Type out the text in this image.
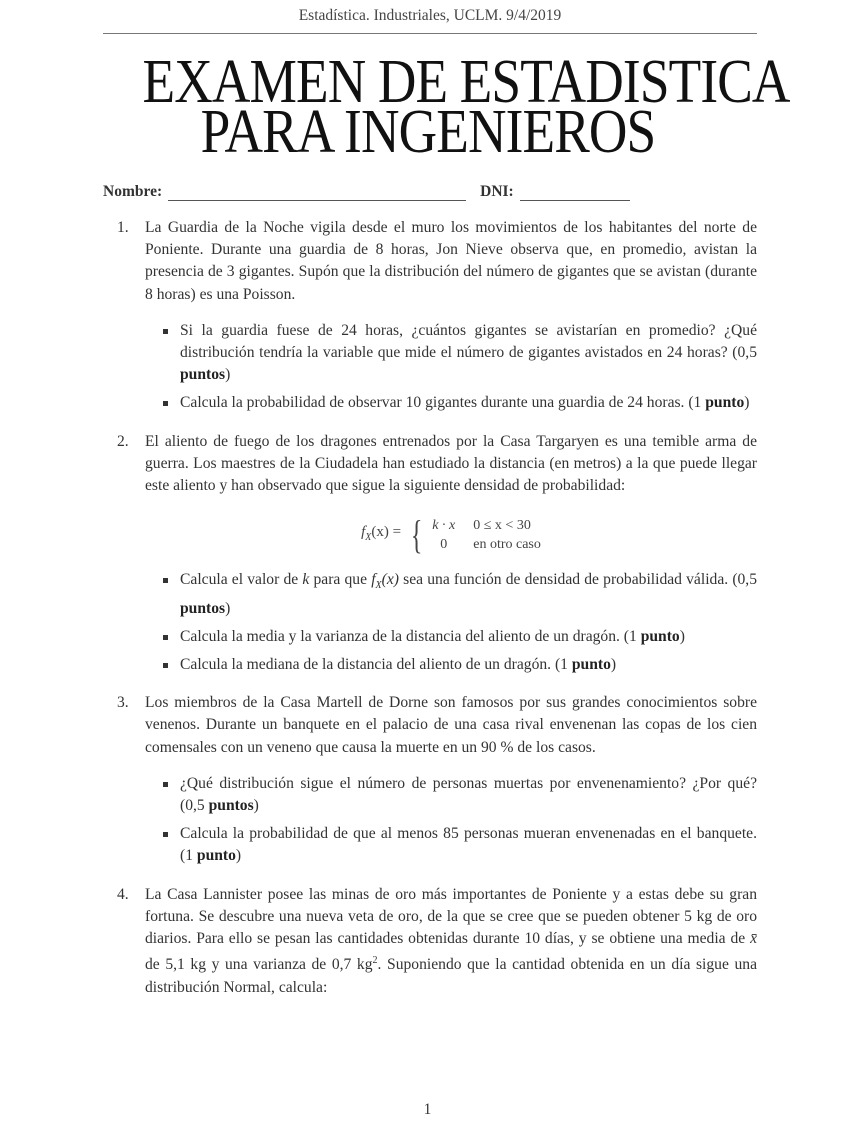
Estadística. Industriales, UCLM. 9/4/2019
EXAMEN DE ESTADISTICA
PARA INGENIEROS
Nombre:	DNI:
1. La Guardia de la Noche vigila desde el muro los movimientos de los habitantes del norte de Poniente. Durante una guardia de 8 horas, Jon Nieve observa que, en promedio, avistan la presencia de 3 gigantes. Supón que la distribución del número de gigantes que se avistan (durante 8 horas) es una Poisson.
Si la guardia fuese de 24 horas, ¿cuántos gigantes se avistarían en promedio? ¿Qué distribución tendría la variable que mide el número de gigantes avistados en 24 horas? (0,5 puntos)
Calcula la probabilidad de observar 10 gigantes durante una guardia de 24 horas. (1 punto)
2. El aliento de fuego de los dragones entrenados por la Casa Targaryen es una temible arma de guerra. Los maestres de la Ciudadela han estudiado la distancia (en metros) a la que puede llegar este aliento y han observado que sigue la siguiente densidad de probabilidad:
$f_X(x)$ = { k · x 0 ≤ x < 30
0	en otro caso
Calcula el valor de k para que $f_X(x)$ sea una función de densidad de probabilidad válida. (0,5 puntos)
Calcula la media y la varianza de la distancia del aliento de un dragón. (1 punto)
Calcula la mediana de la distancia del aliento de un dragón. (1 punto)
3. Los miembros de la Casa Martell de Dorne son famosos por sus grandes conocimientos sobre venenos. Durante un banquete en el palacio de una casa rival envenenan las copas de los cien comensales con un veneno que causa la muerte en un 90 % de los casos.
¿Qué distribución sigue el número de personas muertas por envenenamiento? ¿Por qué? (0,5 puntos)
Calcula la probabilidad de que al menos 85 personas mueran envenenadas en el banquete. (1 punto)
4. La Casa Lannister posee las minas de oro más importantes de Poniente y a estas debe su gran fortuna. Se descubre una nueva veta de oro, de la que se cree que se pueden obtener 5 kg de oro diarios. Para ello se pesan las cantidades obtenidas durante 10 días, y se obtiene una media de x̄ de 5,1 kg y una varianza de 0,7 $kg^2$. Suponiendo que la cantidad obtenida en un día sigue una distribución Normal, calcula:
1
